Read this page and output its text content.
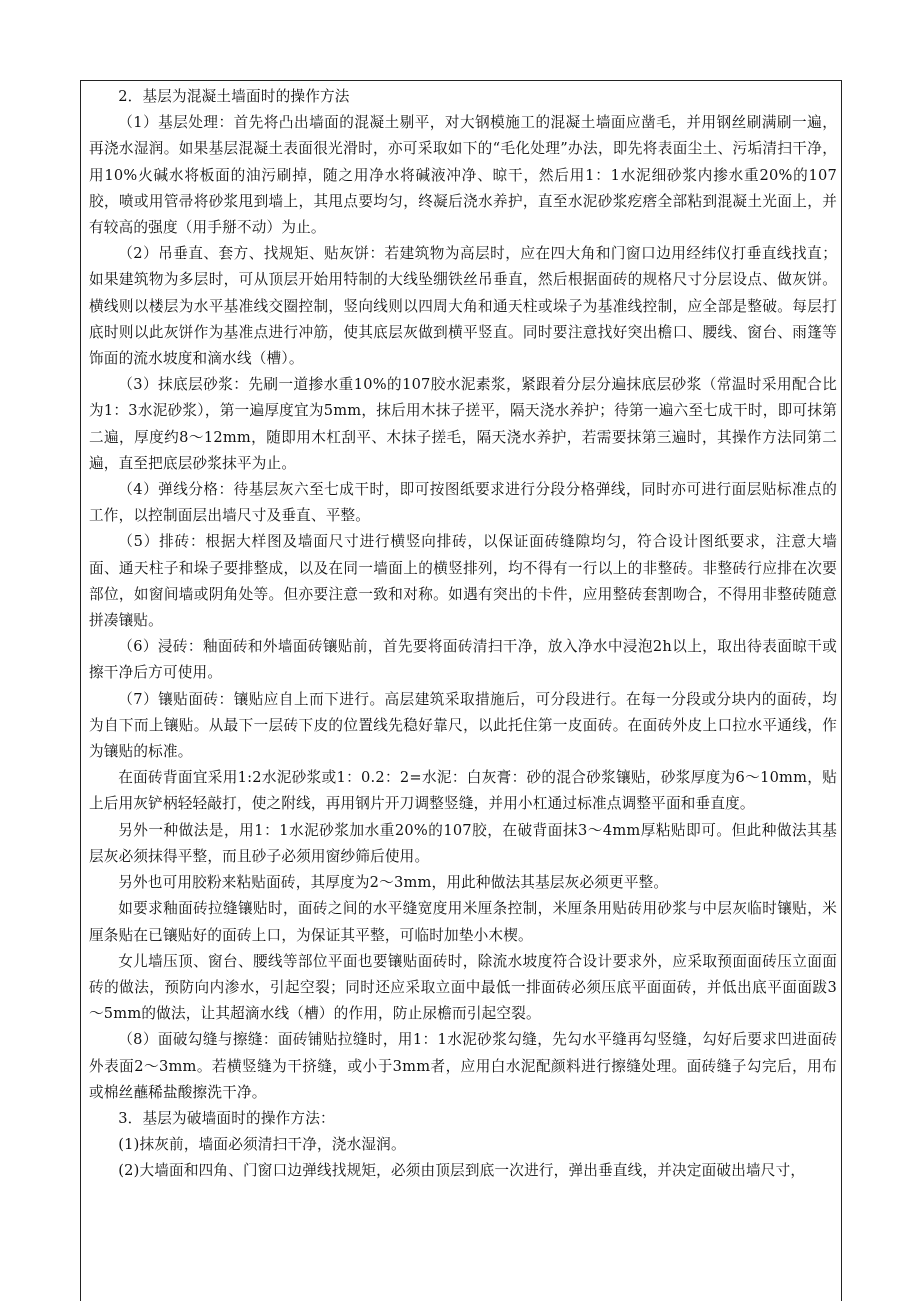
2．基层为混凝土墙面时的操作方法

（1）基层处理：首先将凸出墙面的混凝土剔平，对大钢模施工的混凝土墙面应凿毛，并用钢丝刷满刷一遍，再浇水湿润。如果基层混凝土表面很光滑时，亦可采取如下的“毛化处理”办法，即先将表面尘土、污垢清扫干净，用10%火碱水将板面的油污刷掉，随之用净水将碱液冲净、晾干，然后用1：1水泥细砂浆内掺水重20%的107胶，喷或用管帚将砂浆甩到墙上，其甩点要均匀，终凝后浇水养护，直至水泥砂浆疙瘩全部粘到混凝土光面上，并有较高的强度（用手掰不动）为止。

（2）吊垂直、套方、找规矩、贴灰饼：若建筑物为高层时，应在四大角和门窗口边用经纬仪打垂直线找直；如果建筑物为多层时，可从顶层开始用特制的大线坠绷铁丝吊垂直，然后根据面砖的规格尺寸分层设点、做灰饼。横线则以楼层为水平基准线交圈控制，竖向线则以四周大角和通天柱或垛子为基准线控制，应全部是整破。每层打底时则以此灰饼作为基准点进行冲筋，使其底层灰做到横平竖直。同时要注意找好突出檐口、腰线、窗台、雨篷等饰面的流水坡度和滴水线（槽）。

（3）抹底层砂浆：先刷一道掺水重10%的107胶水泥素浆，紧跟着分层分遍抹底层砂浆（常温时采用配合比为1：3水泥砂浆），第一遍厚度宜为5mm，抹后用木抹子搓平，隔天浇水养护；待第一遍六至七成干时，即可抹第二遍，厚度约8～12mm，随即用木杠刮平、木抹子搓毛，隔天浇水养护，若需要抹第三遍时，其操作方法同第二遍，直至把底层砂浆抹平为止。

（4）弹线分格：待基层灰六至七成干时，即可按图纸要求进行分段分格弹线，同时亦可进行面层贴标准点的工作，以控制面层出墙尺寸及垂直、平整。

（5）排砖：根据大样图及墙面尺寸进行横竖向排砖，以保证面砖缝隙均匀，符合设计图纸要求，注意大墙面、通天柱子和垛子要排整成，以及在同一墙面上的横竖排列，均不得有一行以上的非整砖。非整砖行应排在次要部位，如窗间墙或阴角处等。但亦要注意一致和对称。如遇有突出的卡件，应用整砖套割吻合，不得用非整砖随意拼凑镶贴。

（6）浸砖：釉面砖和外墙面砖镶贴前，首先要将面砖清扫干净，放入净水中浸泡2h以上，取出待表面晾干或擦干净后方可使用。

（7）镶贴面砖：镶贴应自上而下进行。高层建筑采取措施后，可分段进行。在每一分段或分块内的面砖，均为自下而上镶贴。从最下一层砖下皮的位置线先稳好靠尺，以此托住第一皮面砖。在面砖外皮上口拉水平通线，作为镶贴的标准。

在面砖背面宜采用1:2水泥砂浆或1：0.2：2=水泥：白灰膏：砂的混合砂浆镶贴，砂浆厚度为6～10mm，贴上后用灰铲柄轻轻敲打，使之附线，再用钢片开刀调整竖缝，并用小杠通过标准点调整平面和垂直度。

另外一种做法是，用1：1水泥砂浆加水重20%的107胶，在破背面抹3～4mm厚粘贴即可。但此种做法其基层灰必须抹得平整，而且砂子必须用窗纱筛后使用。

另外也可用胶粉来粘贴面砖，其厚度为2～3mm，用此种做法其基层灰必须更平整。

如要求釉面砖拉缝镶贴时，面砖之间的水平缝宽度用米厘条控制，米厘条用贴砖用砂浆与中层灰临时镶贴，米厘条贴在已镶贴好的面砖上口，为保证其平整，可临时加垫小木楔。

女儿墙压顶、窗台、腰线等部位平面也要镶贴面砖时，除流水坡度符合设计要求外，应采取预面面砖压立面面砖的做法，预防向内渗水，引起空裂；同时还应采取立面中最低一排面砖必须压底平面面砖，并低出底平面面跋3～5mm的做法，让其超滴水线（槽）的作用，防止尿檐而引起空裂。

（8）面破勾缝与擦缝：面砖铺贴拉缝时，用1：1水泥砂浆勾缝，先勾水平缝再勾竖缝，勾好后要求凹进面砖外表面2～3mm。若横竖缝为干挤缝，或小于3mm者，应用白水泥配颜料进行擦缝处理。面砖缝子勾完后，用布或棉丝蘸稀盐酸擦洗干净。

3．基层为破墙面时的操作方法：

(1)抹灰前，墙面必须清扫干净，浇水湿润。

(2)大墙面和四角、门窗口边弹线找规矩，必须由顶层到底一次进行，弹出垂直线，并决定面破出墙尺寸，
